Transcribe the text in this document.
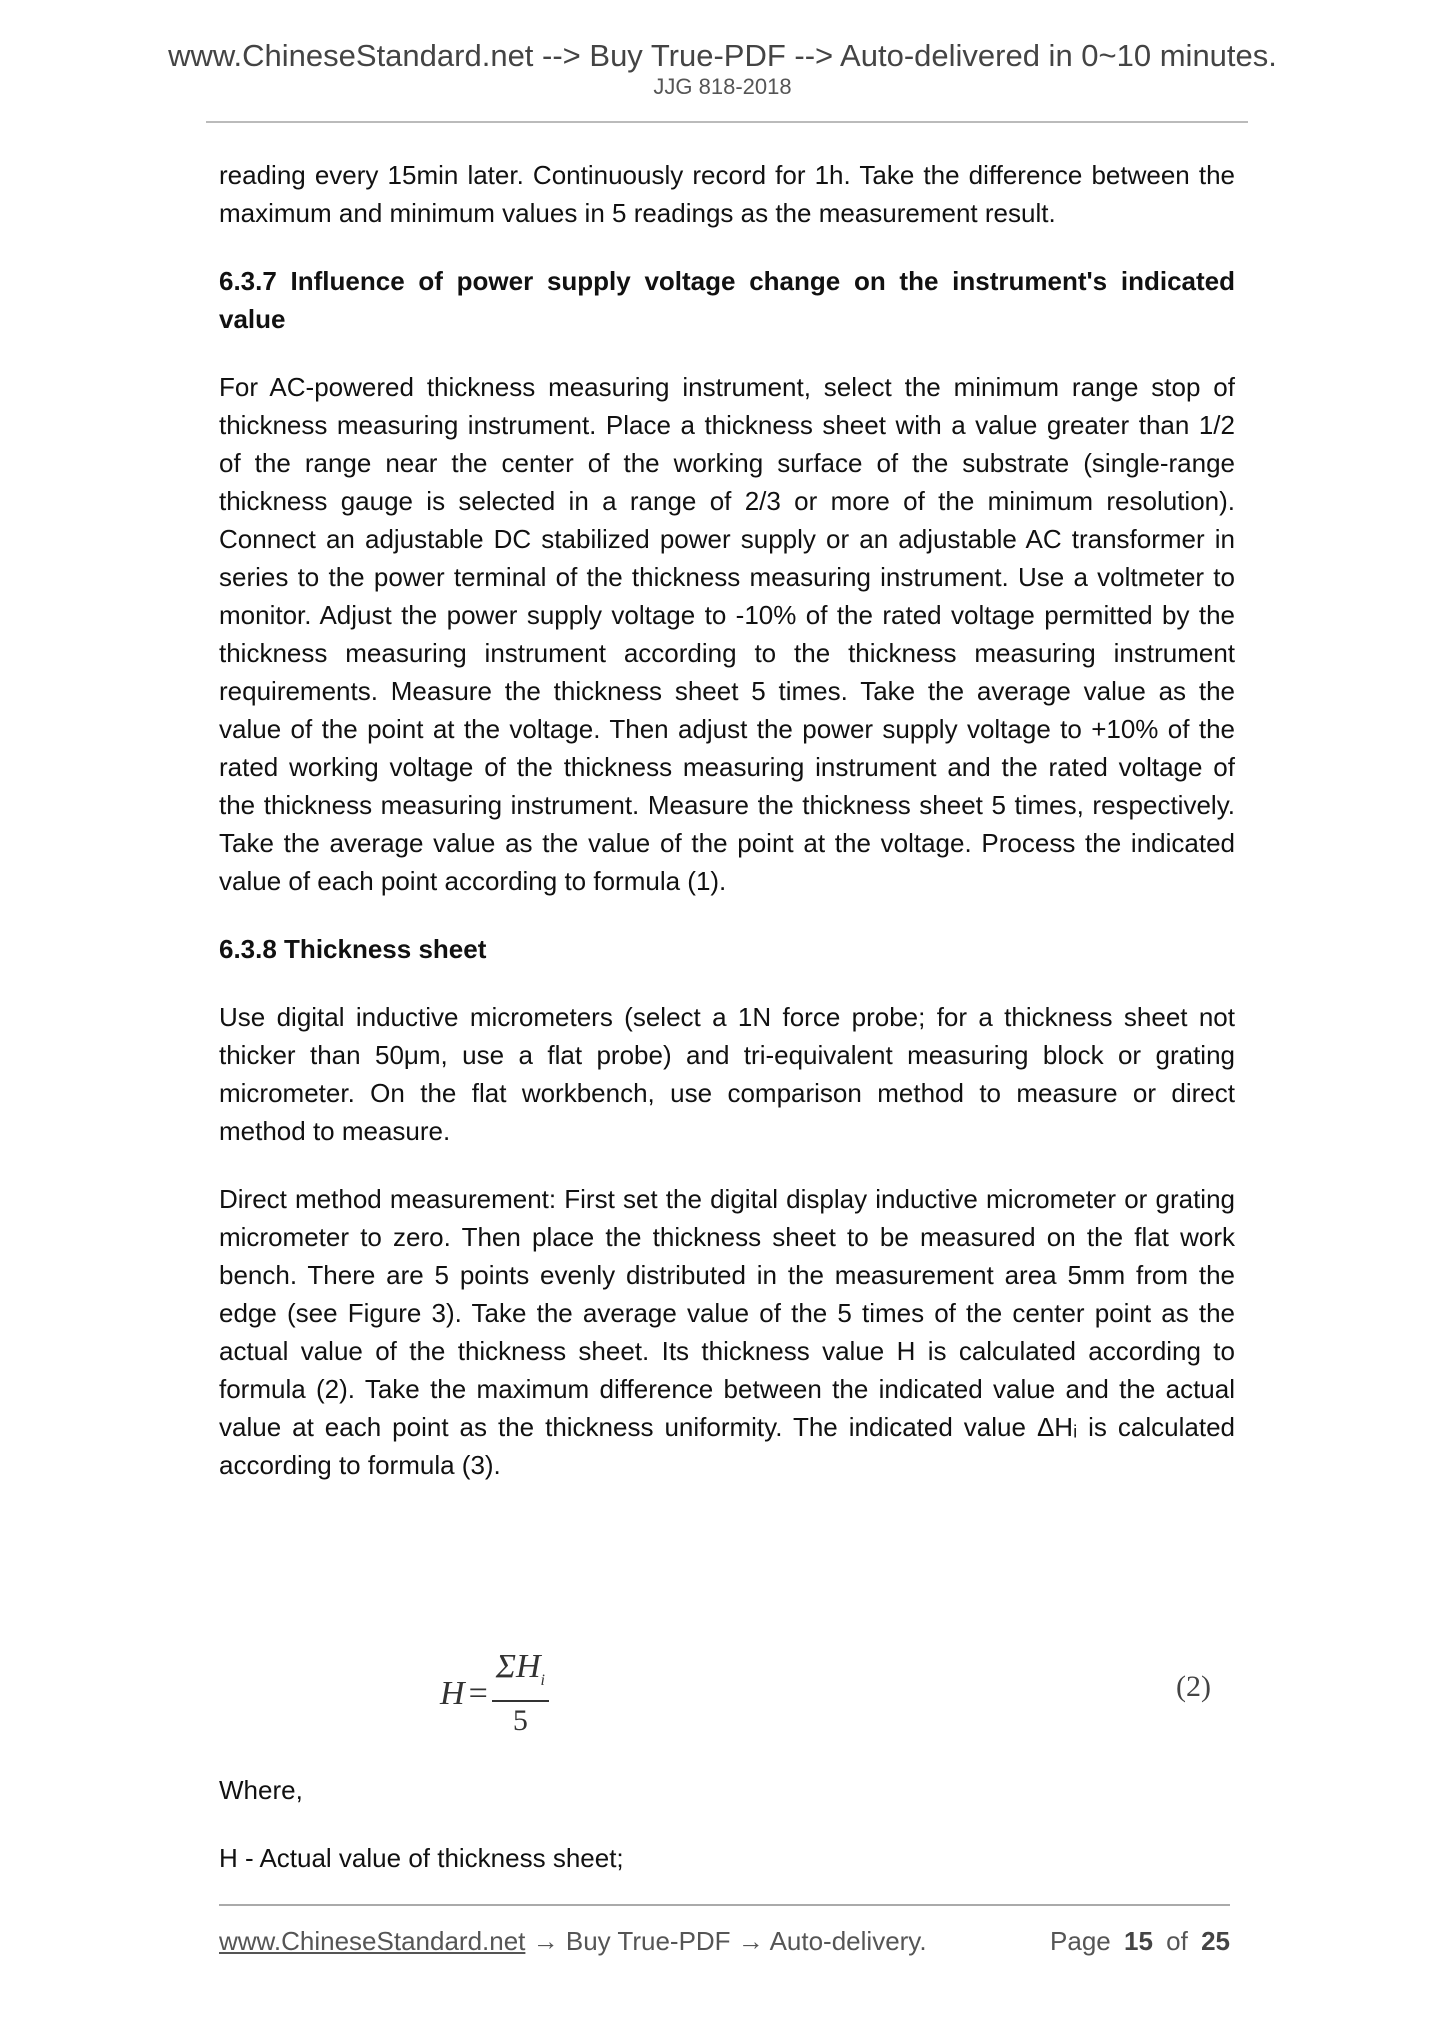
www.ChineseStandard.net --> Buy True-PDF --> Auto-delivered in 0~10 minutes.
JJG 818-2018

reading every 15min later. Continuously record for 1h. Take the difference between the maximum and minimum values in 5 readings as the measurement result.

6.3.7 Influence of power supply voltage change on the instrument's indicated value

For AC-powered thickness measuring instrument, select the minimum range stop of thickness measuring instrument. Place a thickness sheet with a value greater than 1/2 of the range near the center of the working surface of the substrate (single-range thickness gauge is selected in a range of 2/3 or more of the minimum resolution). Connect an adjustable DC stabilized power supply or an adjustable AC transformer in series to the power terminal of the thickness measuring instrument. Use a voltmeter to monitor. Adjust the power supply voltage to -10% of the rated voltage permitted by the thickness measuring instrument according to the thickness measuring instrument requirements. Measure the thickness sheet 5 times. Take the average value as the value of the point at the voltage. Then adjust the power supply voltage to +10% of the rated working voltage of the thickness measuring instrument and the rated voltage of the thickness measuring instrument. Measure the thickness sheet 5 times, respectively. Take the average value as the value of the point at the voltage. Process the indicated value of each point according to formula (1).

6.3.8 Thickness sheet

Use digital inductive micrometers (select a 1N force probe; for a thickness sheet not thicker than 50μm, use a flat probe) and tri-equivalent measuring block or grating micrometer. On the flat workbench, use comparison method to measure or direct method to measure.

Direct method measurement: First set the digital display inductive micrometer or grating micrometer to zero. Then place the thickness sheet to be measured on the flat work bench. There are 5 points evenly distributed in the measurement area 5mm from the edge (see Figure 3). Take the average value of the 5 times of the center point as the actual value of the thickness sheet. Its thickness value H is calculated according to formula (2). Take the maximum difference between the indicated value and the actual value at each point as the thickness uniformity. The indicated value ΔHᵢ is calculated according to formula (3).

$H = \frac{\Sigma H_i}{5}$	(2)
Where,
H - Actual value of thickness sheet;
www.ChineseStandard.net → Buy True-PDF → Auto-delivery.	Page 15 of 25
